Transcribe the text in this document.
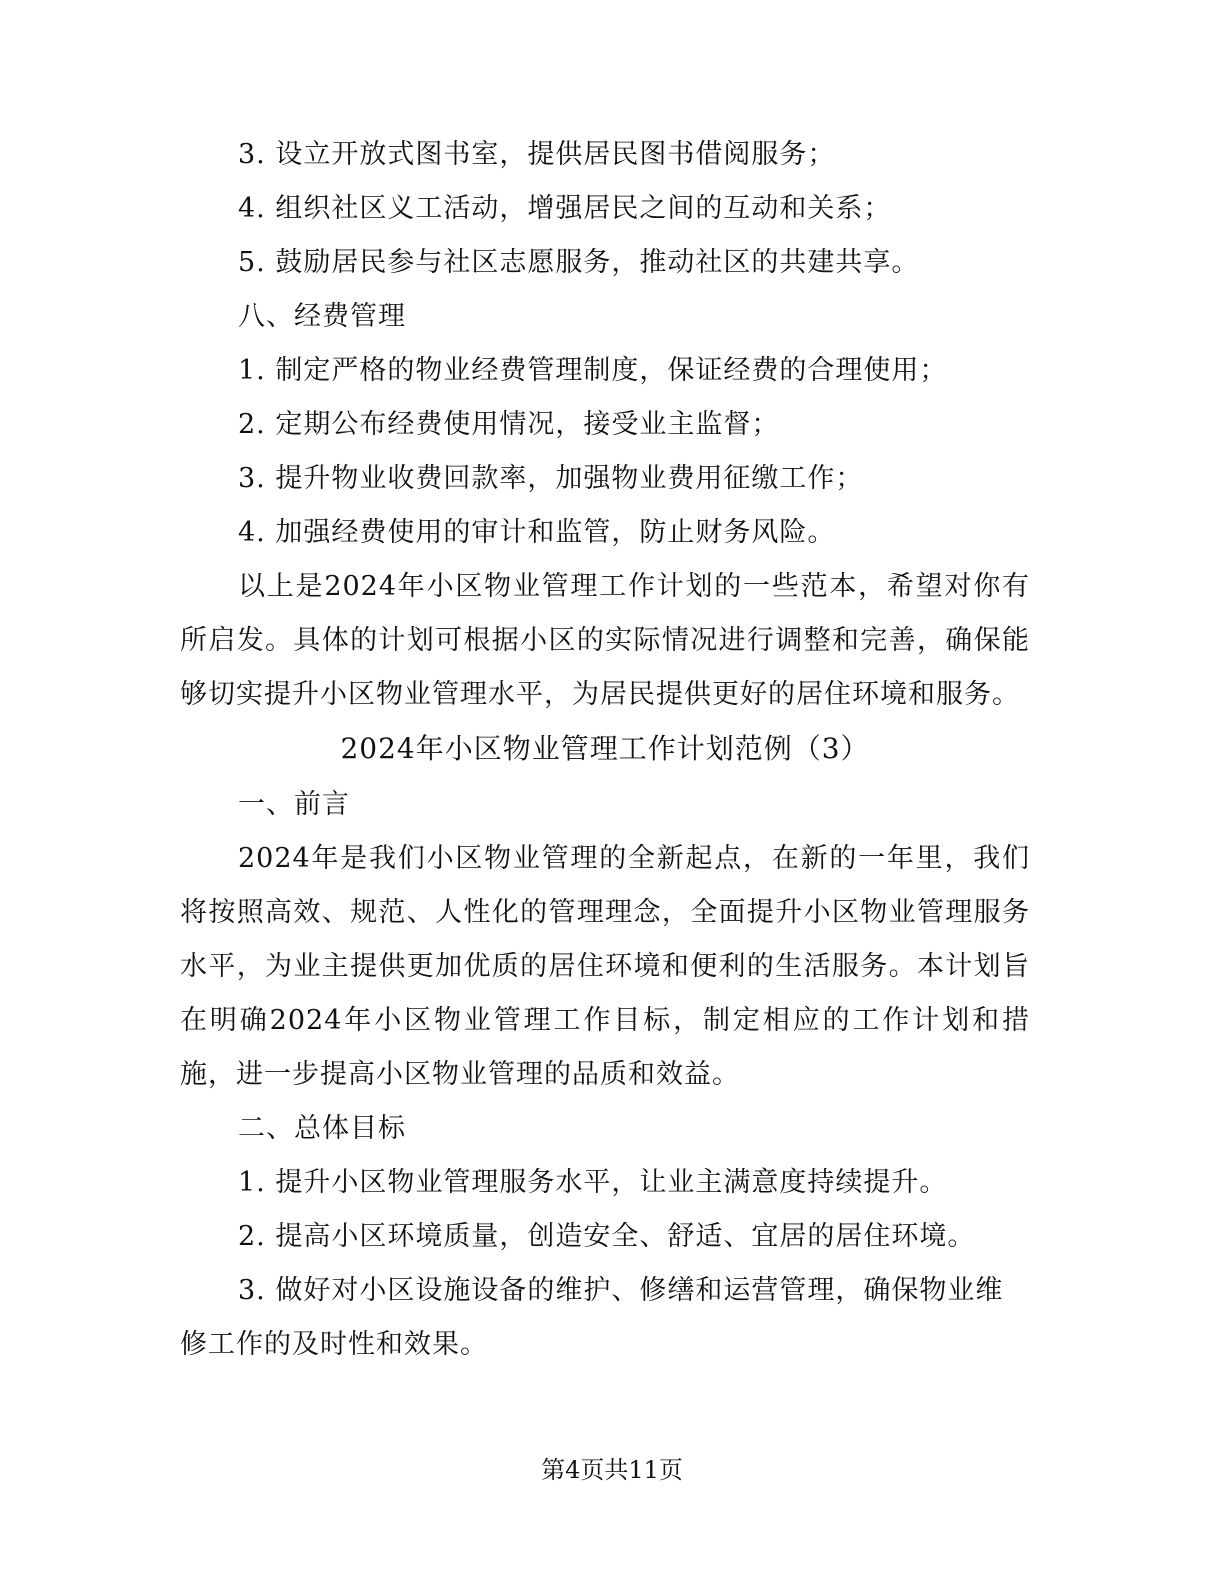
3. 设立开放式图书室，提供居民图书借阅服务；
4. 组织社区义工活动，增强居民之间的互动和关系；
5. 鼓励居民参与社区志愿服务，推动社区的共建共享。
八、经费管理
1. 制定严格的物业经费管理制度，保证经费的合理使用；
2. 定期公布经费使用情况，接受业主监督；
3. 提升物业收费回款率，加强物业费用征缴工作；
4. 加强经费使用的审计和监管，防止财务风险。

以上是2024年小区物业管理工作计划的一些范本，希望对你有所启发。具体的计划可根据小区的实际情况进行调整和完善，确保能够切实提升小区物业管理水平，为居民提供更好的居住环境和服务。

2024年小区物业管理工作计划范例（3）
一、前言

2024年是我们小区物业管理的全新起点，在新的一年里，我们将按照高效、规范、人性化的管理理念，全面提升小区物业管理服务水平，为业主提供更加优质的居住环境和便利的生活服务。本计划旨在明确2024年小区物业管理工作目标，制定相应的工作计划和措施，进一步提高小区物业管理的品质和效益。

二、总体目标
1. 提升小区物业管理服务水平，让业主满意度持续提升。
2. 提高小区环境质量，创造安全、舒适、宜居的居住环境。

3. 做好对小区设施设备的维护、修缮和运营管理，确保物业维修工作的及时性和效果。

第4页共11页
